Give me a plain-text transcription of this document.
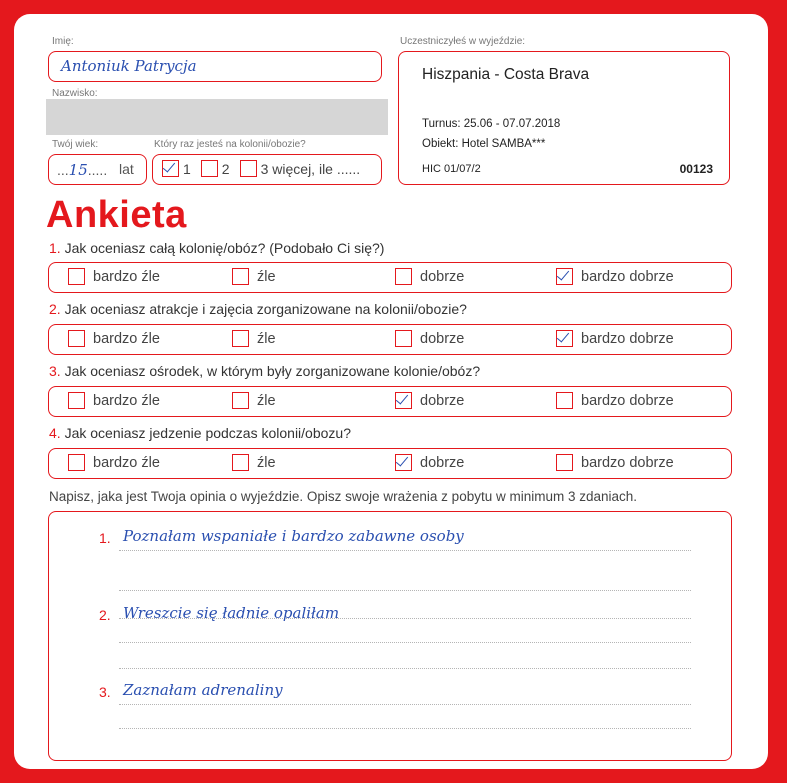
Imię:
Antoniuk Patrycja
Nazwisko:
Twój wiek:
...15..... lat
Który raz jesteś na kolonii/obozie?
1 2 3 więcej, ile ......
Uczestniczyłeś w wyjeździe:
Hiszpania - Costa Brava
Turnus: 25.06 - 07.07.2018
Obiekt: Hotel SAMBA***
HIC 01/07/2	00123
Ankieta
1. Jak oceniasz całą kolonię/obóz? (Podobało Ci się?)
bardzo źle	źle	dobrze	bardzo dobrze
2. Jak oceniasz atrakcje i zajęcia zorganizowane na kolonii/obozie?
bardzo źle	źle	dobrze	bardzo dobrze
3. Jak oceniasz ośrodek, w którym były zorganizowane kolonie/obóz?
bardzo źle	źle	dobrze	bardzo dobrze
4. Jak oceniasz jedzenie podczas kolonii/obozu?
bardzo źle	źle	dobrze	bardzo dobrze
Napisz, jaka jest Twoja opinia o wyjeździe. Opisz swoje wrażenia z pobytu w minimum 3 zdaniach.
1. Poznałam wspaniałe i bardzo zabawne osoby
2. Wreszcie się ładnie opaliłam
3. Zaznałam adrenaliny
